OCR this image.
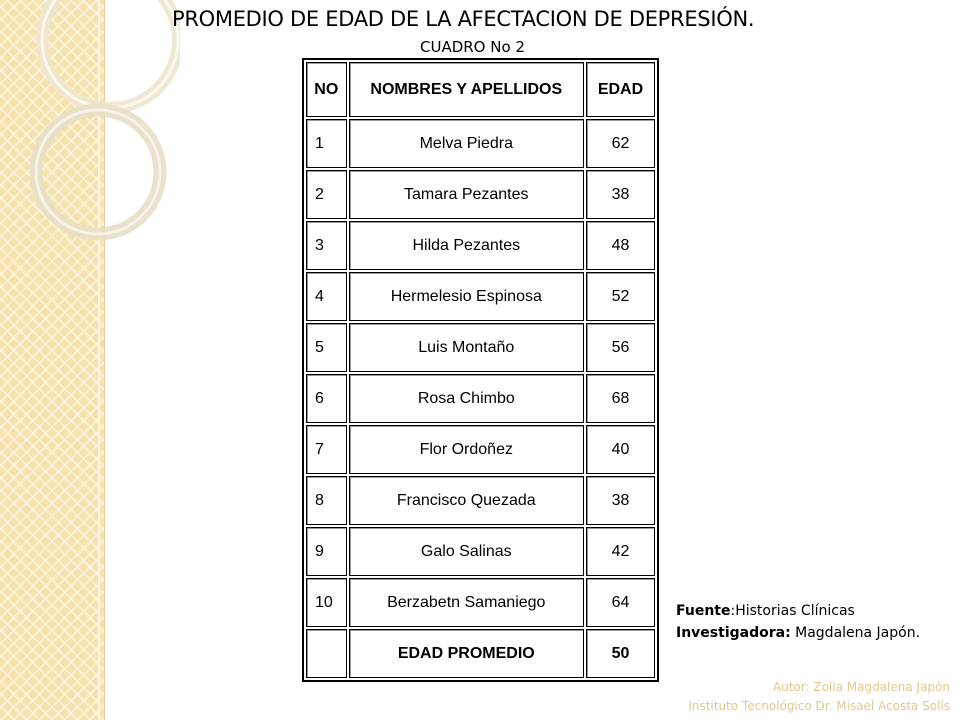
PROMEDIO DE EDAD DE LA AFECTACION DE DEPRESIÓN.
CUADRO No 2
NO	NOMBRES Y APELLIDOS	EDAD
1	Melva Piedra	62
2	Tamara Pezantes	38
3	Hilda Pezantes	48
4	Hermelesio Espinosa	52
5	Luis Montaño	56
6	Rosa Chimbo	68
7	Flor Ordoñez	40
8	Francisco Quezada	38
9	Galo Salinas	42
10	Berzabetn Samaniego	64
	EDAD PROMEDIO	50
Fuente:Historias Clínicas
Investigadora: Magdalena Japón.
Autor: Zoila Magdalena Japón
Instituto Tecnológico Dr. Misael Acosta Solís
